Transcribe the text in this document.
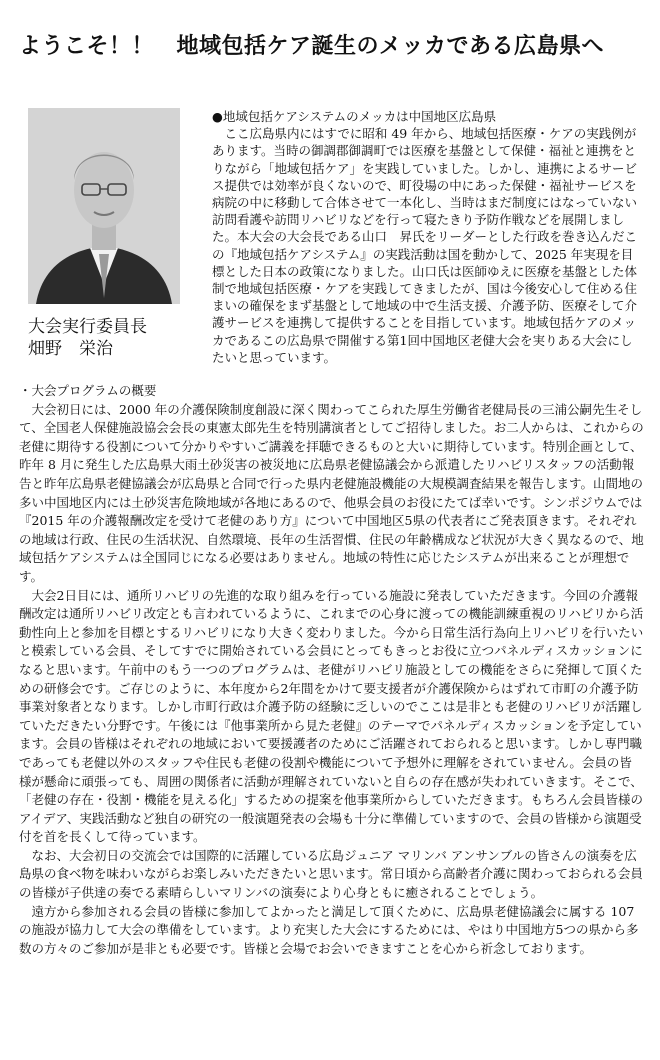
ようこそ！！　地域包括ケア誕生のメッカである広島県へ
大会実行委員長
畑野　栄治

●地域包括ケアシステムのメッカは中国地区広島県

ここ広島県内にはすでに昭和 49 年から、地域包括医療・ケアの実践例があります。当時の御調郡御調町では医療を基盤として保健・福祉と連携をとりながら「地域包括ケア」を実践していました。しかし、連携によるサービス提供では効率が良くないので、町役場の中にあった保健・福祉サービスを病院の中に移動して合体させて一本化し、当時はまだ制度にはなっていない訪問看護や訪問リハビリなどを行って寝たきり予防作戦などを展開しました。本大会の大会長である山口　昇氏をリーダーとした行政を巻き込んだこの『地域包括ケアシステム』の実践活動は国を動かして、2025 年実現を目標とした日本の政策になりました。山口氏は医師ゆえに医療を基盤とした体制で地域包括医療・ケアを実践してきましたが、国は今後安心して住める住まいの確保をまず基盤として地域の中で生活支援、介護予防、医療そして介護サービスを連携して提供することを目指しています。地域包括ケアのメッカであるこの広島県で開催する第1回中国地区老健大会を実りある大会にしたいと思っています。

・大会プログラムの概要

大会初日には、2000 年の介護保険制度創設に深く関わってこられた厚生労働省老健局長の三浦公嗣先生そして、全国老人保健施設協会会長の東憲太郎先生を特別講演者としてご招待しました。お二人からは、これからの老健に期待する役割について分かりやすいご講義を拝聴できるものと大いに期待しています。特別企画として、昨年 8 月に発生した広島県大雨土砂災害の被災地に広島県老健協議会から派遣したリハビリスタッフの活動報告と昨年広島県老健協議会が広島県と合同で行った県内老健施設機能の大規模調査結果を報告します。山間地の多い中国地区内には土砂災害危険地域が各地にあるので、他県会員のお役にたてば幸いです。シンポジウムでは『2015 年の介護報酬改定を受けて老健のあり方』について中国地区5県の代表者にご発表頂きます。それぞれの地域は行政、住民の生活状況、自然環境、長年の生活習慣、住民の年齢構成など状況が大きく異なるので、地域包括ケアシステムは全国同じになる必要はありません。地域の特性に応じたシステムが出来ることが理想です。

大会2日目には、通所リハビリの先進的な取り組みを行っている施設に発表していただきます。今回の介護報酬改定は通所リハビリ改定とも言われているように、これまでの心身に渡っての機能訓練重視のリハビリから活動性向上と参加を目標とするリハビリになり大きく変わりました。今から日常生活行為向上リハビリを行いたいと模索している会員、そしてすでに開始されている会員にとってもきっとお役に立つパネルディスカッションになると思います。午前中のもう一つのプログラムは、老健がリハビリ施設としての機能をさらに発揮して頂くための研修会です。ご存じのように、本年度から2年間をかけて要支援者が介護保険からはずれて市町の介護予防事業対象者となります。しかし市町行政は介護予防の経験に乏しいのでここは是非とも老健のリハビリが活躍していただきたい分野です。午後には『他事業所から見た老健』のテーマでパネルディスカッションを予定しています。会員の皆様はそれぞれの地域において要援護者のためにご活躍されておられると思います。しかし専門職であっても老健以外のスタッフや住民も老健の役割や機能について予想外に理解をされていません。会員の皆様が懸命に頑張っても、周囲の関係者に活動が理解されていないと自らの存在感が失われていきます。そこで、「老健の存在・役割・機能を見える化」するための提案を他事業所からしていただきます。もちろん会員皆様のアイデア、実践活動など独自の研究の一般演題発表の会場も十分に準備していますので、会員の皆様から演題受付を首を長くして待っています。

なお、大会初日の交流会では国際的に活躍している広島ジュニア マリンバ アンサンブルの皆さんの演奏を広島県の食べ物を味わいながらお楽しみいただきたいと思います。常日頃から高齢者介護に関わっておられる会員の皆様が子供達の奏でる素晴らしいマリンバの演奏により心身ともに癒されることでしょう。

遠方から参加される会員の皆様に参加してよかったと満足して頂くために、広島県老健協議会に属する 107 の施設が協力して大会の準備をしています。より充実した大会にするためには、やはり中国地方5つの県から多数の方々のご参加が是非とも必要です。皆様と会場でお会いできますことを心から祈念しております。
